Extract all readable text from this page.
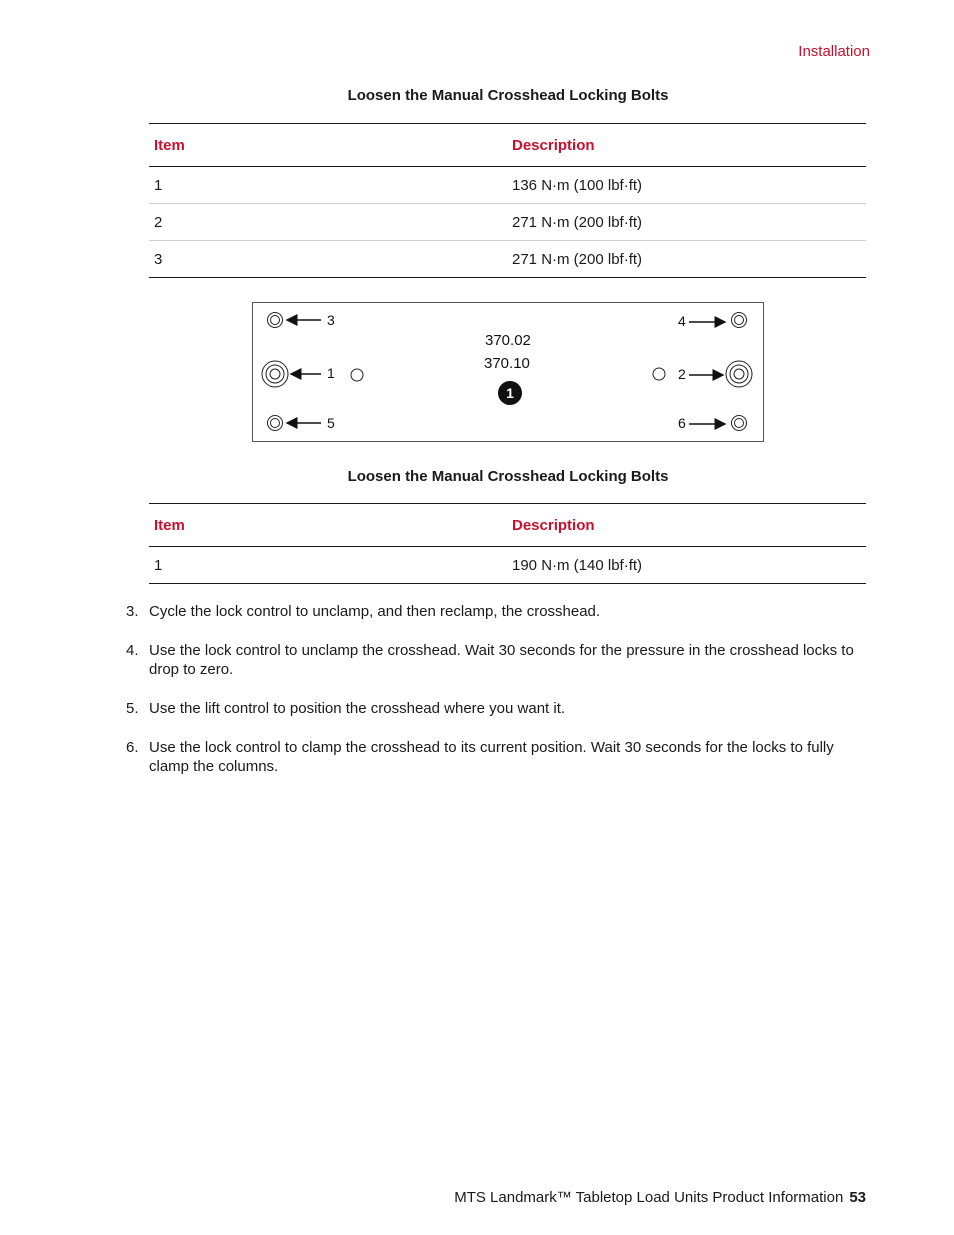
Installation
Loosen the Manual Crosshead Locking Bolts
Item	Description
1	136 N·m (100 lbf·ft)
2	271 N·m (200 lbf·ft)
3	271 N·m (200 lbf·ft)
1
370.02
370.10
3
1
5
4
2
6
Loosen the Manual Crosshead Locking Bolts
Item	Description
1	190 N·m (140 lbf·ft)
3. Cycle the lock control to unclamp, and then reclamp, the crosshead.
4. Use the lock control to unclamp the crosshead. Wait 30 seconds for the pressure in the crosshead locks to drop to zero.
5. Use the lift control to position the crosshead where you want it.
6. Use the lock control to clamp the crosshead to its current position. Wait 30 seconds for the locks to fully clamp the columns.
MTS Landmark™ Tabletop Load Units Product Information 53
